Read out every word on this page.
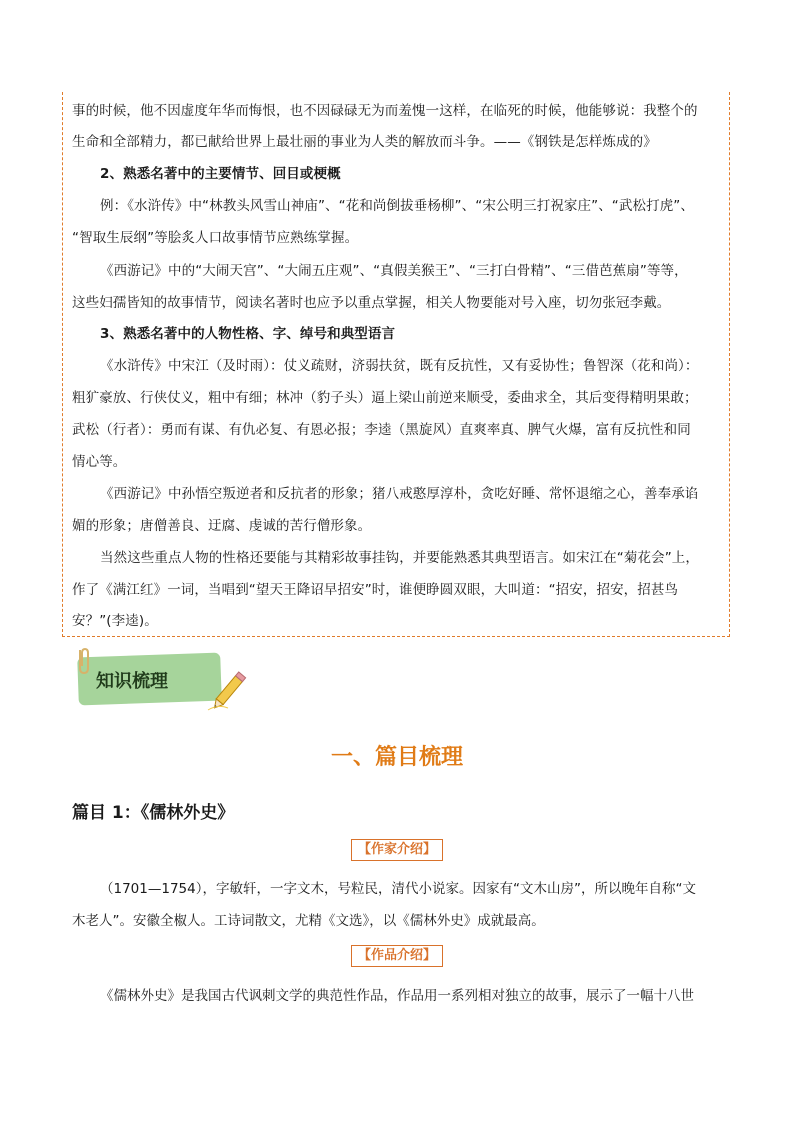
事的时候，他不因虚度年华而悔恨，也不因碌碌无为而羞愧一这样，在临死的时候，他能够说：我整个的
生命和全部精力，都已献给世界上最壮丽的事业为人类的解放而斗争。——《钢铁是怎样炼成的》
2、熟悉名著中的主要情节、回目或梗概
例：《水浒传》中“林教头风雪山神庙”、“花和尚倒拔垂杨柳”、“宋公明三打祝家庄”、“武松打虎”、
“智取生辰纲”等脍炙人口故事情节应熟练掌握。
《西游记》中的“大闹天宫”、“大闹五庄观”、“真假美猴王”、“三打白骨精”、“三借芭蕉扇”等等，
这些妇孺皆知的故事情节，阅读名著时也应予以重点掌握，相关人物要能对号入座，切勿张冠李戴。
3、熟悉名著中的人物性格、字、绰号和典型语言
《水浒传》中宋江（及时雨）：仗义疏财，济弱扶贫，既有反抗性，又有妥协性；鲁智深（花和尚）：
粗犷豪放、行侠仗义，粗中有细；林冲（豹子头）逼上梁山前逆来顺受，委曲求全，其后变得精明果敢；
武松（行者）：勇而有谋、有仇必复、有恩必报；李逵（黑旋风）直爽率真、脾气火爆，富有反抗性和同
情心等。
《西游记》中孙悟空叛逆者和反抗者的形象；猪八戒憨厚淳朴，贪吃好睡、常怀退缩之心，善奉承谄
媚的形象；唐僧善良、迂腐、虔诚的苦行僧形象。
当然这些重点人物的性格还要能与其精彩故事挂钩，并要能熟悉其典型语言。如宋江在“菊花会”上，
作了《满江红》一词，当唱到“望天王降诏早招安”时，谁便睁圆双眼，大叫道：“招安，招安，招甚鸟
安？”(李逵)。
知识梳理
一、篇目梳理
篇目 1：《儒林外史》
【作家介绍】
（1701—1754），字敏轩，一字文木，号粒民，清代小说家。因家有“文木山房”，所以晚年自称“文
木老人”。安徽全椒人。工诗词散文，尤精《文选》，以《儒林外史》成就最高。
【作品介绍】
《儒林外史》是我国古代讽刺文学的典范性作品，作品用一系列相对独立的故事，展示了一幅十八世
